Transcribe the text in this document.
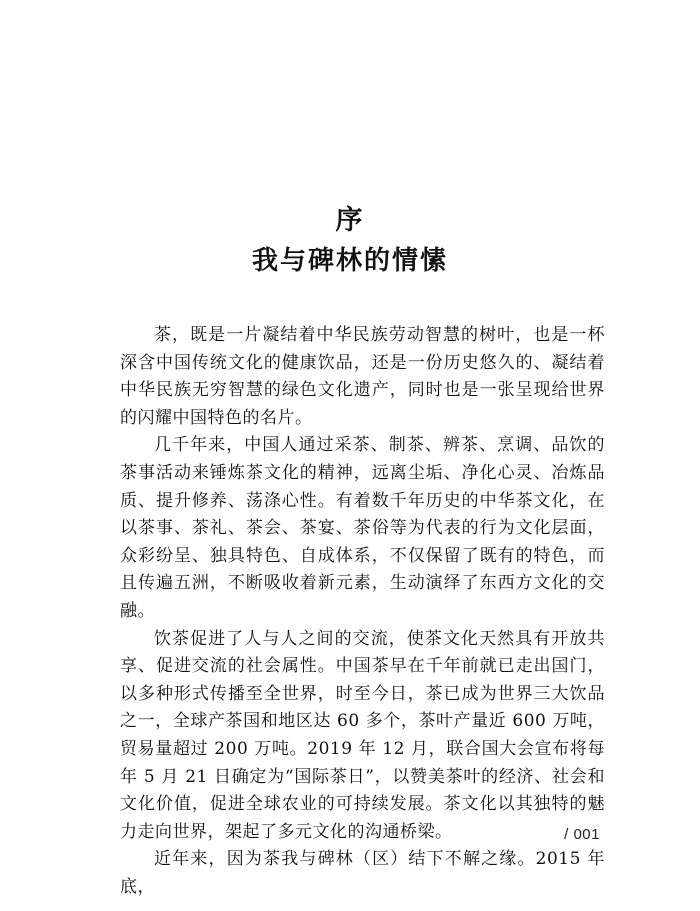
序
我与碑林的情愫

茶，既是一片凝结着中华民族劳动智慧的树叶，也是一杯深含中国传统文化的健康饮品，还是一份历史悠久的、凝结着中华民族无穷智慧的绿色文化遗产，同时也是一张呈现给世界的闪耀中国特色的名片。

几千年来，中国人通过采茶、制茶、辨茶、烹调、品饮的茶事活动来锤炼茶文化的精神，远离尘垢、净化心灵、冶炼品质、提升修养、荡涤心性。有着数千年历史的中华茶文化，在以茶事、茶礼、茶会、茶宴、茶俗等为代表的行为文化层面，众彩纷呈、独具特色、自成体系，不仅保留了既有的特色，而且传遍五洲，不断吸收着新元素，生动演绎了东西方文化的交融。

饮茶促进了人与人之间的交流，使茶文化天然具有开放共享、促进交流的社会属性。中国茶早在千年前就已走出国门，以多种形式传播至全世界，时至今日，茶已成为世界三大饮品之一，全球产茶国和地区达 60 多个，茶叶产量近 600 万吨，贸易量超过 200 万吨。2019 年 12 月，联合国大会宣布将每年 5 月 21 日确定为“国际茶日”，以赞美茶叶的经济、社会和文化价值，促进全球农业的可持续发展。茶文化以其独特的魅力走向世界，架起了多元文化的沟通桥梁。

近年来，因为茶我与碑林（区）结下不解之缘。2015 年底，

/ 001
